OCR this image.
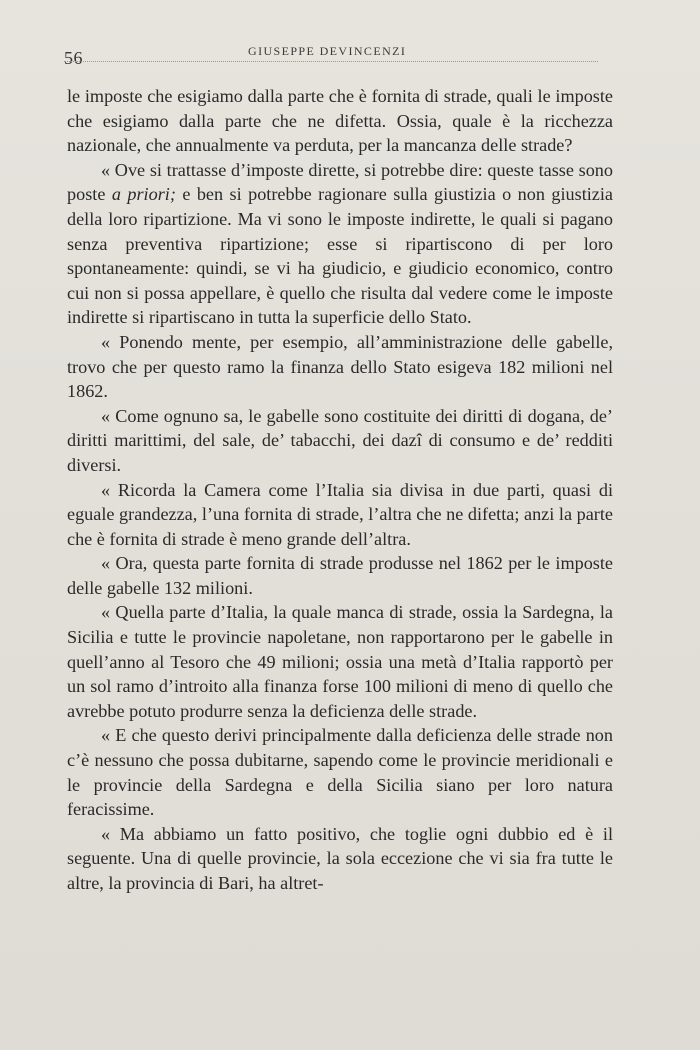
56	GIUSEPPE DEVINCENZI

le imposte che esigiamo dalla parte che è fornita di strade, quali le imposte che esigiamo dalla parte che ne difetta. Ossia, quale è la ricchezza nazionale, che annualmente va perduta, per la mancanza delle strade?

« Ove si trattasse d’imposte dirette, si potrebbe dire: queste tasse sono poste a priori; e ben si potrebbe ragionare sulla giustizia o non giustizia della loro ripartizione. Ma vi sono le imposte indirette, le quali si pagano senza preventiva ripartizione; esse si ripartiscono di per loro spontaneamente: quindi, se vi ha giudicio, e giudicio economico, contro cui non si possa appellare, è quello che risulta dal vedere come le imposte indirette si ripartiscano in tutta la superficie dello Stato.

« Ponendo mente, per esempio, all’amministrazione delle gabelle, trovo che per questo ramo la finanza dello Stato esigeva 182 milioni nel 1862.

« Come ognuno sa, le gabelle sono costituite dei diritti di dogana, de’ diritti marittimi, del sale, de’ tabacchi, dei dazî di consumo e de’ redditi diversi.

« Ricorda la Camera come l’Italia sia divisa in due parti, quasi di eguale grandezza, l’una fornita di strade, l’altra che ne difetta; anzi la parte che è fornita di strade è meno grande dell’altra.

« Ora, questa parte fornita di strade produsse nel 1862 per le imposte delle gabelle 132 milioni.

« Quella parte d’Italia, la quale manca di strade, ossia la Sardegna, la Sicilia e tutte le provincie napoletane, non rapportarono per le gabelle in quell’anno al Tesoro che 49 milioni; ossia una metà d’Italia rapportò per un sol ramo d’introito alla finanza forse 100 milioni di meno di quello che avrebbe potuto produrre senza la deficienza delle strade.

« E che questo derivi principalmente dalla deficienza delle strade non c’è nessuno che possa dubitarne, sapendo come le provincie meridionali e le provincie della Sardegna e della Sicilia siano per loro natura feracissime.

« Ma abbiamo un fatto positivo, che toglie ogni dubbio ed è il seguente. Una di quelle provincie, la sola eccezione che vi sia fra tutte le altre, la provincia di Bari, ha altret-
